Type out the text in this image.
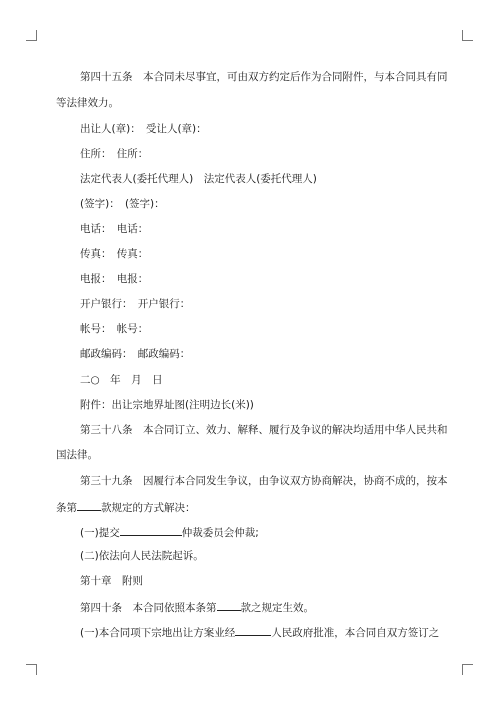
第四十五条　本合同未尽事宜，可由双方约定后作为合同附件，与本合同具有同
等法律效力。
出让人(章)：　受让人(章)：
住所：　住所：
法定代表人(委托代理人)　法定代表人(委托代理人)
(签字)：　(签字)：
电话：　电话：
传真：　传真：
电报：　电报：
开户银行：　开户银行：
帐号：　帐号：
邮政编码：　邮政编码：
二○　年　月　日
附件：出让宗地界址图(注明边长(米))
第三十八条　本合同订立、效力、解释、履行及争议的解决均适用中华人民共和
国法律。
第三十九条　因履行本合同发生争议，由争议双方协商解决，协商不成的，按本
条第 款规定的方式解决：
(一)提交	仲裁委员会仲裁;
(二)依法向人民法院起诉。
第十章　附则
第四十条　本合同依照本条第 款之规定生效。
(一)本合同项下宗地出让方案业经	人民政府批准，本合同自双方签订之
